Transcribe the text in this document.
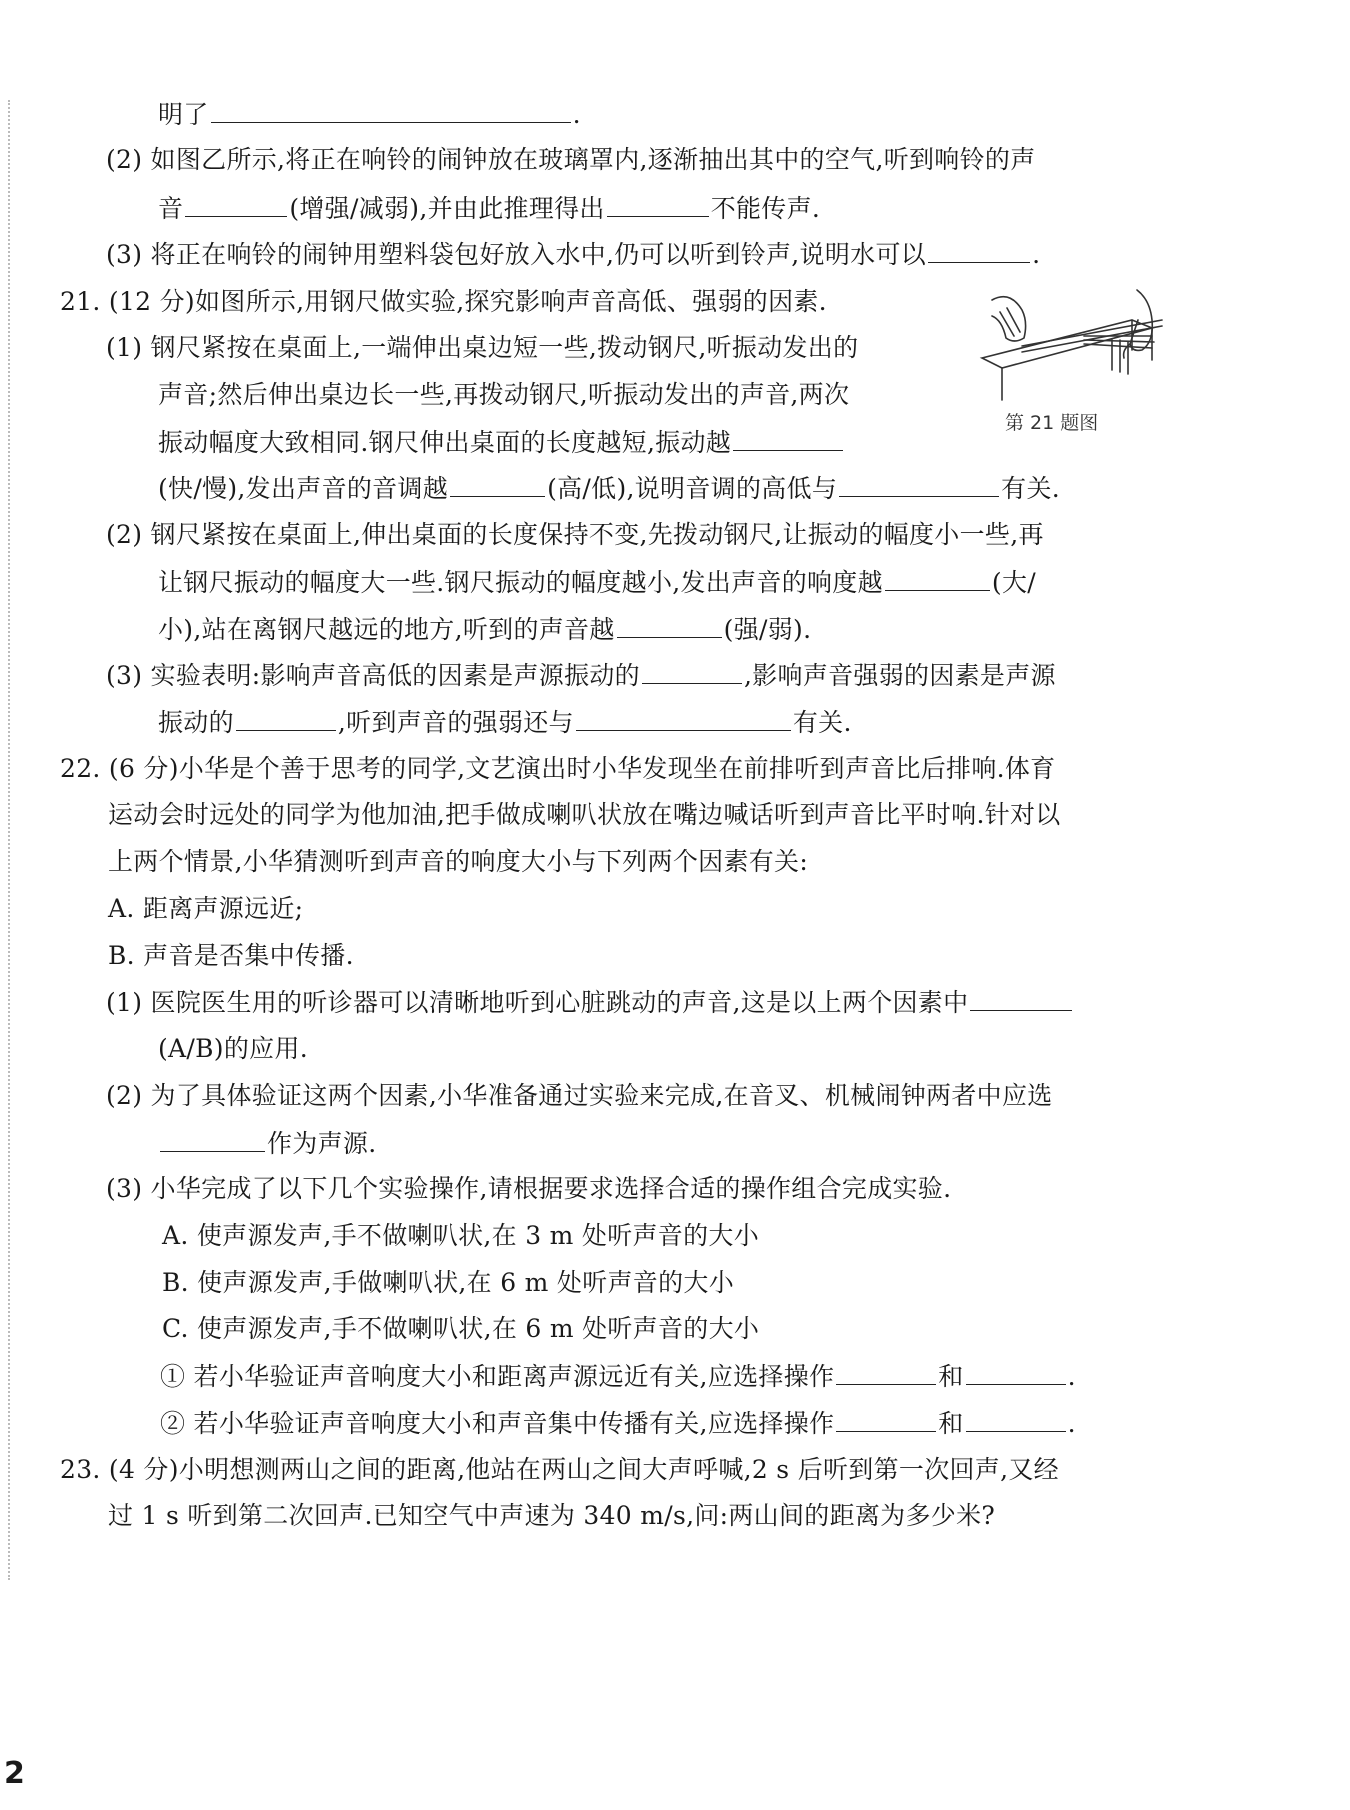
明了	.
(2) 如图乙所示,将正在响铃的闹钟放在玻璃罩内,逐渐抽出其中的空气,听到响铃的声
音	(增强/减弱),并由此推理得出	不能传声.
(3) 将正在响铃的闹钟用塑料袋包好放入水中,仍可以听到铃声,说明水可以	.
21. (12 分)如图所示,用钢尺做实验,探究影响声音高低、强弱的因素.
(1) 钢尺紧按在桌面上,一端伸出桌边短一些,拨动钢尺,听振动发出的
声音;然后伸出桌边长一些,再拨动钢尺,听振动发出的声音,两次
振动幅度大致相同.钢尺伸出桌面的长度越短,振动越
(快/慢),发出声音的音调越	(高/低),说明音调的高低与	有关.
第 21 题图
(2) 钢尺紧按在桌面上,伸出桌面的长度保持不变,先拨动钢尺,让振动的幅度小一些,再
让钢尺振动的幅度大一些.钢尺振动的幅度越小,发出声音的响度越	(大/
小),站在离钢尺越远的地方,听到的声音越	(强/弱).
(3) 实验表明:影响声音高低的因素是声源振动的	,影响声音强弱的因素是声源
振动的	,听到声音的强弱还与	有关.
22. (6 分)小华是个善于思考的同学,文艺演出时小华发现坐在前排听到声音比后排响.体育
运动会时远处的同学为他加油,把手做成喇叭状放在嘴边喊话听到声音比平时响.针对以
上两个情景,小华猜测听到声音的响度大小与下列两个因素有关:
A. 距离声源远近;
B. 声音是否集中传播.
(1) 医院医生用的听诊器可以清晰地听到心脏跳动的声音,这是以上两个因素中
(A/B)的应用.
(2) 为了具体验证这两个因素,小华准备通过实验来完成,在音叉、机械闹钟两者中应选
作为声源.
(3) 小华完成了以下几个实验操作,请根据要求选择合适的操作组合完成实验.
A. 使声源发声,手不做喇叭状,在 3 m 处听声音的大小
B. 使声源发声,手做喇叭状,在 6 m 处听声音的大小
C. 使声源发声,手不做喇叭状,在 6 m 处听声音的大小
① 若小华验证声音响度大小和距离声源远近有关,应选择操作	和	.
② 若小华验证声音响度大小和声音集中传播有关,应选择操作	和	.
23. (4 分)小明想测两山之间的距离,他站在两山之间大声呼喊,2 s 后听到第一次回声,又经
过 1 s 听到第二次回声.已知空气中声速为 340 m/s,问:两山间的距离为多少米?
2
